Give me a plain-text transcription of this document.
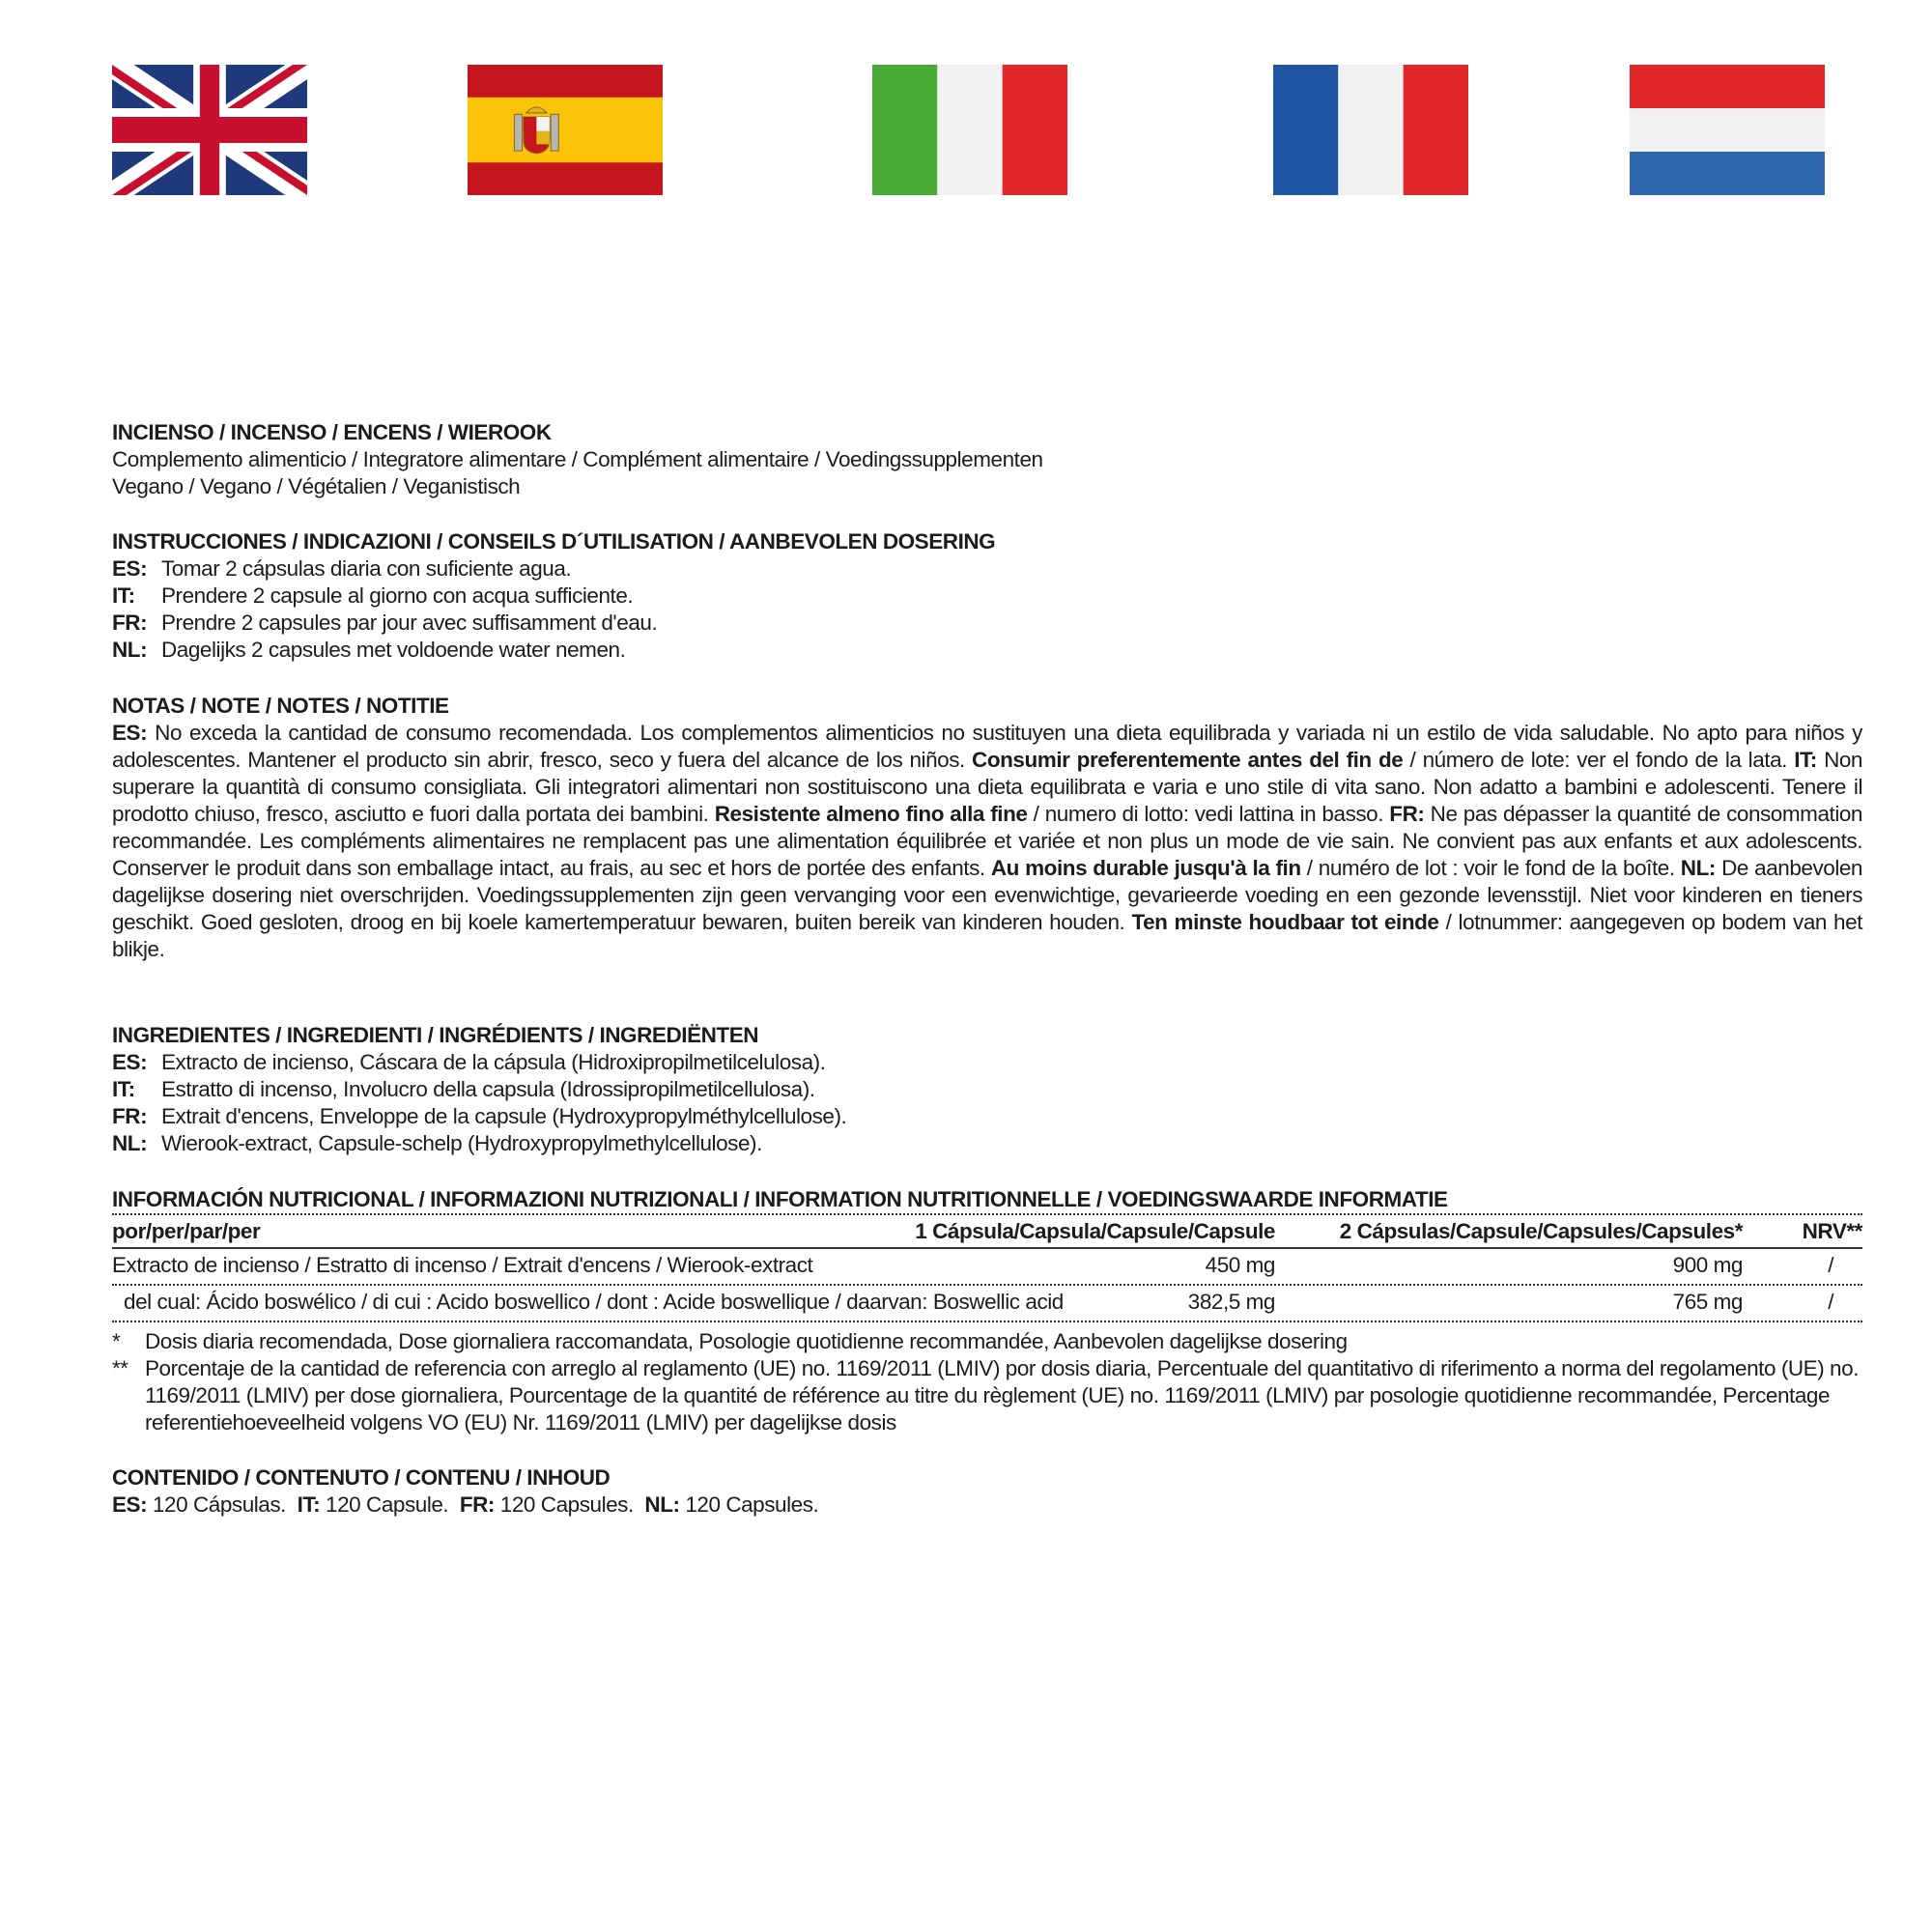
INCIENSO / INCENSO / ENCENS / WIEROOK
Complemento alimenticio / Integratore alimentare / Complément alimentaire / Voedingssupplementen
Vegano / Vegano / Végétalien / Veganistisch
INSTRUCCIONES / INDICAZIONI / CONSEILS D´UTILISATION / AANBEVOLEN DOSERING
ES: Tomar 2 cápsulas diaria con suficiente agua.
IT: Prendere 2 capsule al giorno con acqua sufficiente.
FR: Prendre 2 capsules par jour avec suffisamment d'eau.
NL: Dagelijks 2 capsules met voldoende water nemen.
NOTAS / NOTE / NOTES / NOTITIE
ES: No exceda la cantidad de consumo recomendada. Los complementos alimenticios no sustituyen una dieta equilibrada y variada ni un estilo de vida saludable. No apto para niños y adolescentes. Mantener el producto sin abrir, fresco, seco y fuera del alcance de los niños. Consumir preferentemente antes del fin de / número de lote: ver el fondo de la lata. IT: Non superare la quantità di consumo consigliata. Gli integratori alimentari non sostituiscono una dieta equilibrata e varia e uno stile di vita sano. Non adatto a bambini e adolescenti. Tenere il prodotto chiuso, fresco, asciutto e fuori dalla portata dei bambini. Resistente almeno fino alla fine / numero di lotto: vedi lattina in basso. FR: Ne pas dépasser la quantité de consommation recommandée. Les compléments alimentaires ne remplacent pas une alimentation équilibrée et variée et non plus un mode de vie sain. Ne convient pas aux enfants et aux adolescents. Conserver le produit dans son emballage intact, au frais, au sec et hors de portée des enfants. Au moins durable jusqu'à la fin / numéro de lot : voir le fond de la boîte. NL: De aanbevolen dagelijkse dosering niet overschrijden. Voedingssupplementen zijn geen vervanging voor een evenwichtige, gevarieerde voeding en een gezonde levensstijl. Niet voor kinderen en tieners geschikt. Goed gesloten, droog en bij koele kamertemperatuur bewaren, buiten bereik van kinderen houden. Ten minste houdbaar tot einde / lotnummer: aangegeven op bodem van het blikje.
INGREDIENTES / INGREDIENTI / INGRÉDIENTS / INGREDIËNTEN
ES: Extracto de incienso, Cáscara de la cápsula (Hidroxipropilmetilcelulosa).
IT: Estratto di incenso, Involucro della capsula (Idrossipropilmetilcellulosa).
FR: Extrait d'encens, Enveloppe de la capsule (Hydroxypropylméthylcellulose).
NL: Wierook-extract, Capsule-schelp (Hydroxypropylmethylcellulose).
INFORMACIÓN NUTRICIONAL / INFORMAZIONI NUTRIZIONALI / INFORMATION NUTRITIONNELLE / VOEDINGSWAARDE INFORMATIE
por/per/par/per	1 Cápsula/Capsula/Capsule/Capsule	2 Cápsulas/Capsule/Capsules/Capsules*	NRV**
Extracto de incienso / Estratto di incenso / Extrait d'encens / Wierook-extract	450 mg	900 mg	/
del cual: Ácido boswélico / di cui : Acido boswellico / dont : Acide boswellique / daarvan: Boswellic acid	382,5 mg	765 mg	/
* Dosis diaria recomendada, Dose giornaliera raccomandata, Posologie quotidienne recommandée, Aanbevolen dagelijkse dosering
** Porcentaje de la cantidad de referencia con arreglo al reglamento (UE) no. 1169/2011 (LMIV) por dosis diaria, Percentuale del quantitativo di riferimento a norma del regolamento (UE) no. 1169/2011 (LMIV) per dose giornaliera, Pourcentage de la quantité de référence au titre du règlement (UE) no. 1169/2011 (LMIV) par posologie quotidienne recommandée, Percentage referentiehoeveelheid volgens VO (EU) Nr. 1169/2011 (LMIV) per dagelijkse dosis
CONTENIDO / CONTENUTO / CONTENU / INHOUD
ES: 120 Cápsulas.  IT: 120 Capsule.  FR: 120 Capsules.  NL: 120 Capsules.
